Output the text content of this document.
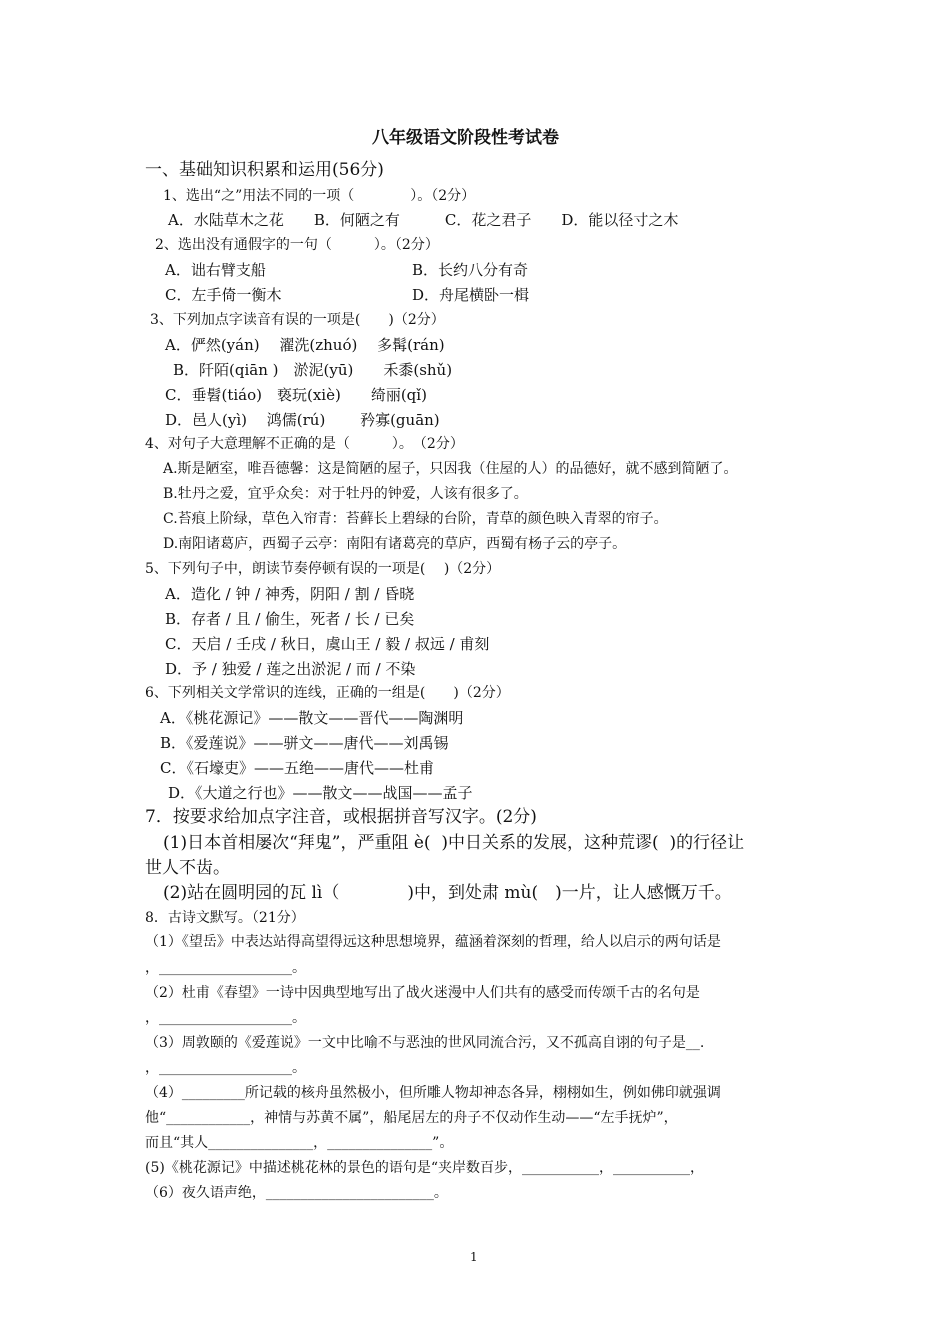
八年级语文阶段性考试卷
一、基础知识积累和运用(56分)
1、选出“之”用法不同的一项（　　　　）。（2分）
A．水陆草木之花　　B．何陋之有　　　C．花之君子　　D．能以径寸之木
2、选出没有通假字的一句（　　　）。（2分）
A．诎右臂支船	B．长约八分有奇
C．左手倚一衡木	D．舟尾横卧一楫
3、下列加点字读音有误的一项是(　　)（2分）
A．俨然(yán)　 濯洗(zhuó)　 多髯(rán)
B．阡陌(qiān )　淤泥(yū)　　禾黍(shǔ)
C．垂髫(tiáo)　亵玩(xiè)　　绮丽(qǐ)
D．邑人(yì)　 鸿儒(rú)　　 矜寡(guān)
4、对句子大意理解不正确的是（　　　）。　（2分）
A.斯是陋室，唯吾德馨：这是简陋的屋子，只因我（住屋的人）的品德好，就不感到简陋了。
B.牡丹之爱，宜乎众矣：对于牡丹的钟爱，人该有很多了。
C.苔痕上阶绿，草色入帘青：苔藓长上碧绿的台阶，青草的颜色映入青翠的帘子。
D.南阳诸葛庐，西蜀子云亭：南阳有诸葛亮的草庐，西蜀有杨子云的亭子。
5、下列句子中，朗读节奏停顿有误的一项是(　 )（2分）
A．造化 / 钟 / 神秀，阴阳 / 割 / 昏晓
B．存者 / 且 / 偷生，死者 / 长 / 已矣
C．天启 / 壬戌 / 秋日，虞山王 / 毅 / 叔远 / 甫刻
D．予 / 独爱 / 莲之出淤泥 / 而 / 不染
6、下列相关文学常识的连线，正确的一组是(　　)（2分）
A．《桃花源记》——散文——晋代——陶渊明
B．《爱莲说》——骈文——唐代——刘禹锡
C．《石壕吏》——五绝——唐代——杜甫
D．《大道之行也》——散文——战国——孟子
7．按要求给加点字注音，或根据拼音写汉字。(2分)
(1)日本首相屡次“拜鬼”，严重阻 è(  )中日关系的发展，这种荒谬(  )的行径让
世人不齿。
(2)站在圆明园的瓦 lì（　　　　)中，到处肃 mù(　)一片，让人感慨万千。
8．古诗文默写。（21分）
（1）《望岳》中表达站得高望得远这种思想境界，蕴涵着深刻的哲理，给人以启示的两句话是
，___________________。
（2）杜甫《春望》一诗中因典型地写出了战火迷漫中人们共有的感受而传颂千古的名句是
，___________________。
（3）周敦颐的《爱莲说》一文中比喻不与恶浊的世风同流合污，又不孤高自诩的句子是__.
，___________________。
（4）_________所记载的核舟虽然极小，但所雕人物却神态各异，栩栩如生，例如佛印就强调
他“____________，神情与苏黄不属”，船尾居左的舟子不仅动作生动——“左手抚炉”，
而且“其人_______________，_______________”。
(5)《桃花源记》中描述桃花林的景色的语句是“夹岸数百步，___________，___________，
（6）夜久语声绝，________________________。
1
